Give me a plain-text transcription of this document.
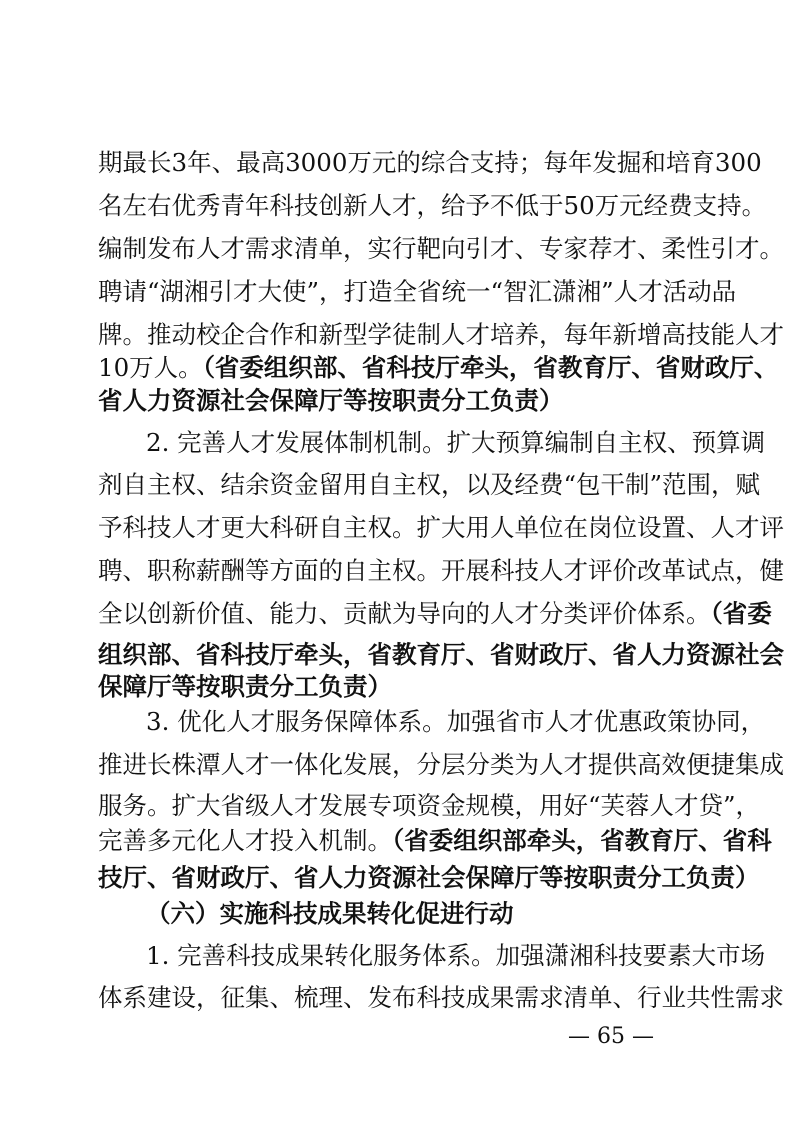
期最长3年、最高3000万元的综合支持；每年发掘和培育300
名左右优秀青年科技创新人才，给予不低于50万元经费支持。
编制发布人才需求清单，实行靶向引才、专家荐才、柔性引才。
聘请“湖湘引才大使”，打造全省统一“智汇潇湘”人才活动品
牌。推动校企合作和新型学徒制人才培养，每年新增高技能人才
10万人。（省委组织部、省科技厅牵头，省教育厅、省财政厅、
省人力资源社会保障厅等按职责分工负责）
2. 完善人才发展体制机制。扩大预算编制自主权、预算调
剂自主权、结余资金留用自主权，以及经费“包干制”范围，赋
予科技人才更大科研自主权。扩大用人单位在岗位设置、人才评
聘、职称薪酬等方面的自主权。开展科技人才评价改革试点，健
全以创新价值、能力、贡献为导向的人才分类评价体系。（省委
组织部、省科技厅牵头，省教育厅、省财政厅、省人力资源社会
保障厅等按职责分工负责）
3. 优化人才服务保障体系。加强省市人才优惠政策协同，
推进长株潭人才一体化发展，分层分类为人才提供高效便捷集成
服务。扩大省级人才发展专项资金规模，用好“芙蓉人才贷”，
完善多元化人才投入机制。（省委组织部牵头，省教育厅、省科
技厅、省财政厅、省人力资源社会保障厅等按职责分工负责）
（六）实施科技成果转化促进行动
1. 完善科技成果转化服务体系。加强潇湘科技要素大市场
体系建设，征集、梳理、发布科技成果需求清单、行业共性需求
— 65 —
